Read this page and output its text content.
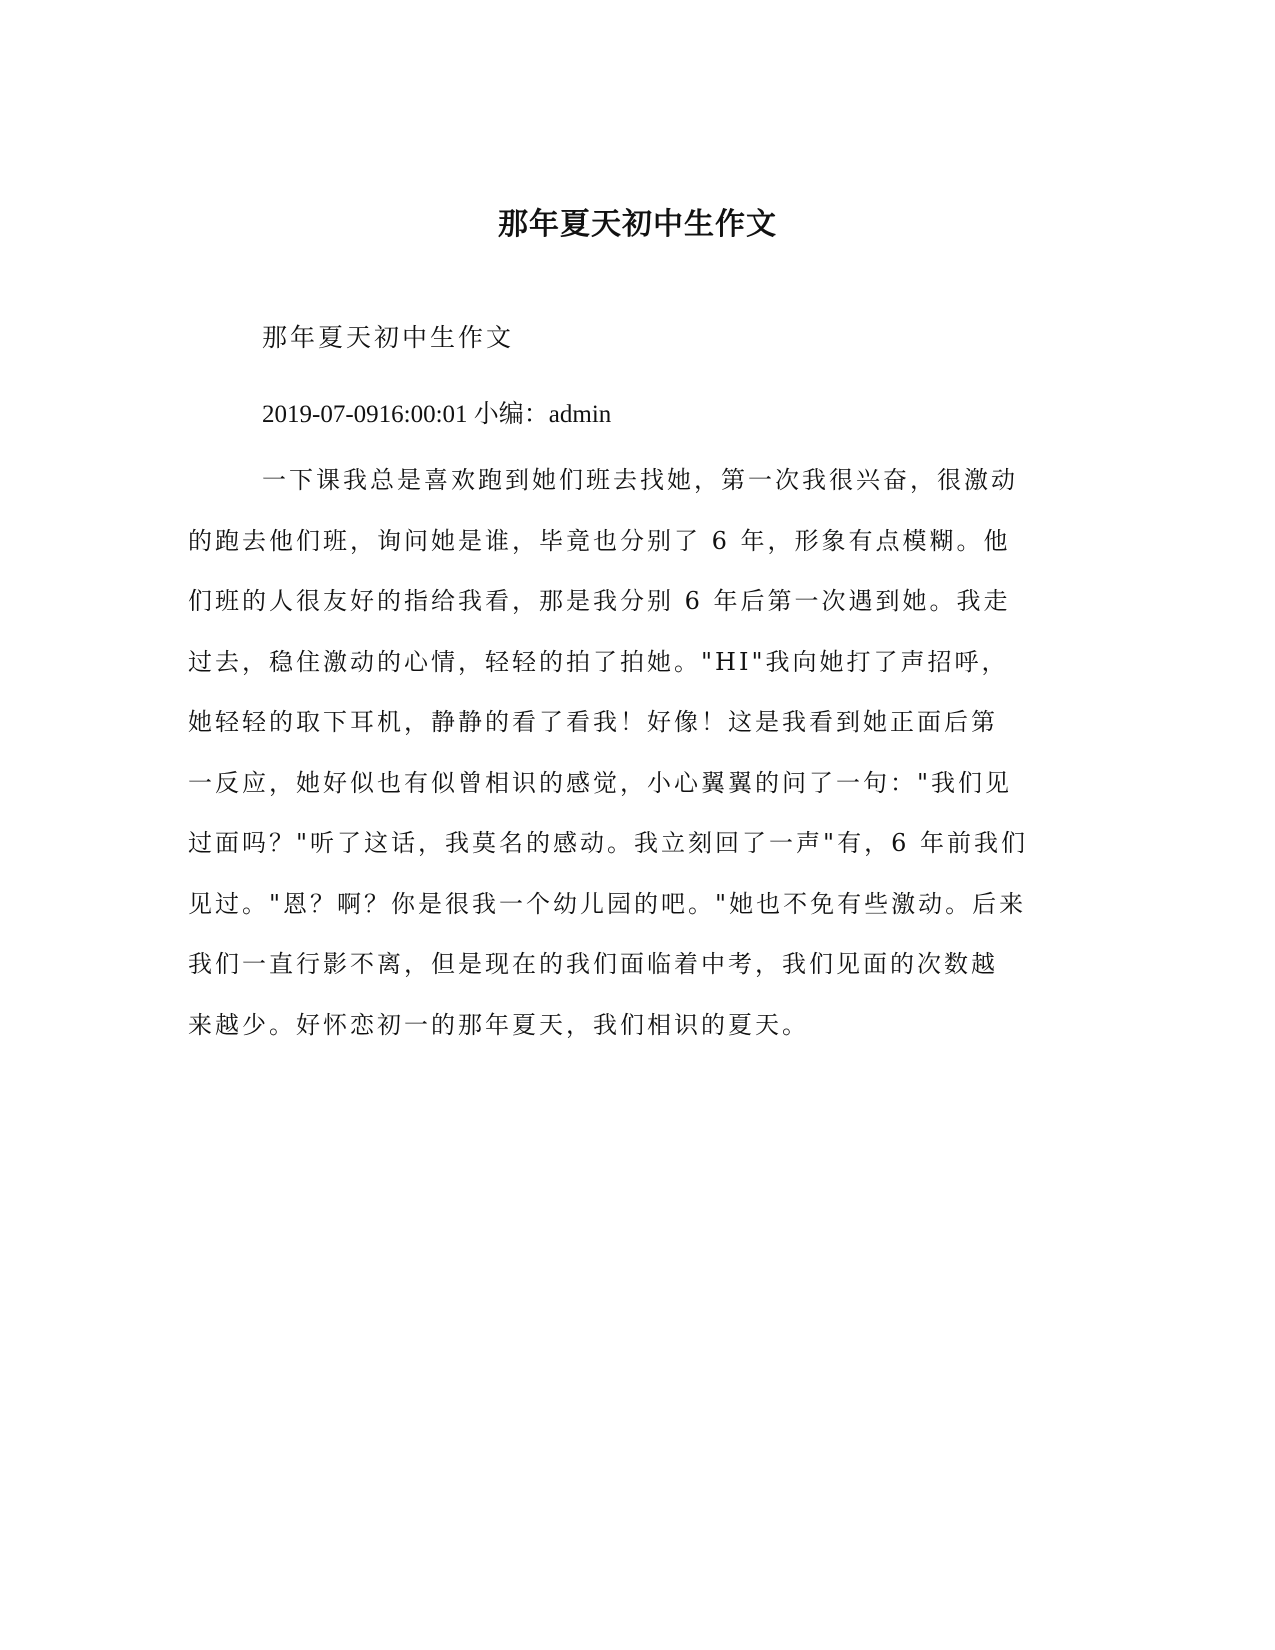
那年夏天初中生作文

那年夏天初中生作文

2019-07-0916:00:01 小编：admin

一下课我总是喜欢跑到她们班去找她，第一次我很兴奋，很激动
的跑去他们班，询问她是谁，毕竟也分别了 6 年，形象有点模糊。他
们班的人很友好的指给我看，那是我分别 6 年后第一次遇到她。我走
过去，稳住激动的心情，轻轻的拍了拍她。"HI"我向她打了声招呼，
她轻轻的取下耳机，静静的看了看我！好像！这是我看到她正面后第
一反应，她好似也有似曾相识的感觉，小心翼翼的问了一句："我们见
过面吗？"听了这话，我莫名的感动。我立刻回了一声"有，6 年前我们
见过。"恩？啊？你是很我一个幼儿园的吧。"她也不免有些激动。后来
我们一直行影不离，但是现在的我们面临着中考，我们见面的次数越
来越少。好怀恋初一的那年夏天，我们相识的夏天。
